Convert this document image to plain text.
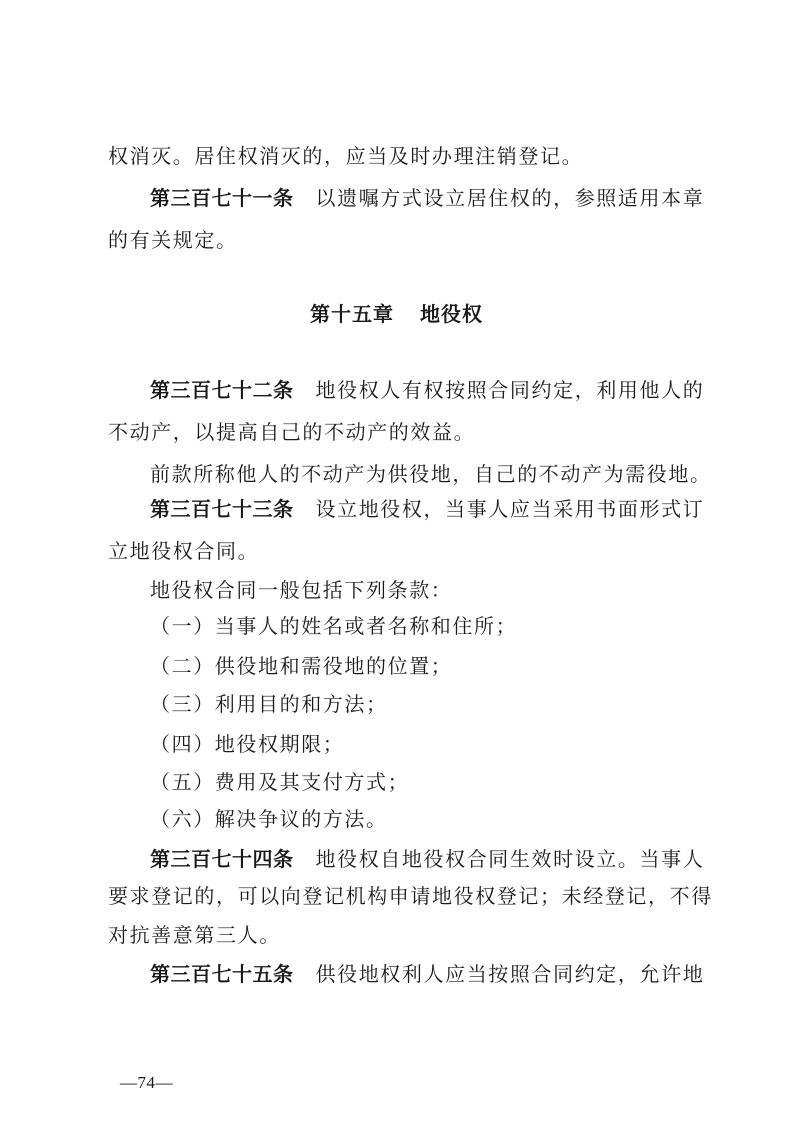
权消灭。居住权消灭的，应当及时办理注销登记。
第三百七十一条 以遗嘱方式设立居住权的，参照适用本章
的有关规定。
第十五章 地役权
第三百七十二条 地役权人有权按照合同约定，利用他人的
不动产，以提高自己的不动产的效益。
前款所称他人的不动产为供役地，自己的不动产为需役地。
第三百七十三条 设立地役权，当事人应当采用书面形式订
立地役权合同。
地役权合同一般包括下列条款：
（一）当事人的姓名或者名称和住所；
（二）供役地和需役地的位置；
（三）利用目的和方法；
（四）地役权期限；
（五）费用及其支付方式；
（六）解决争议的方法。
第三百七十四条 地役权自地役权合同生效时设立。当事人
要求登记的，可以向登记机构申请地役权登记；未经登记，不得
对抗善意第三人。
第三百七十五条 供役地权利人应当按照合同约定，允许地
—74—
